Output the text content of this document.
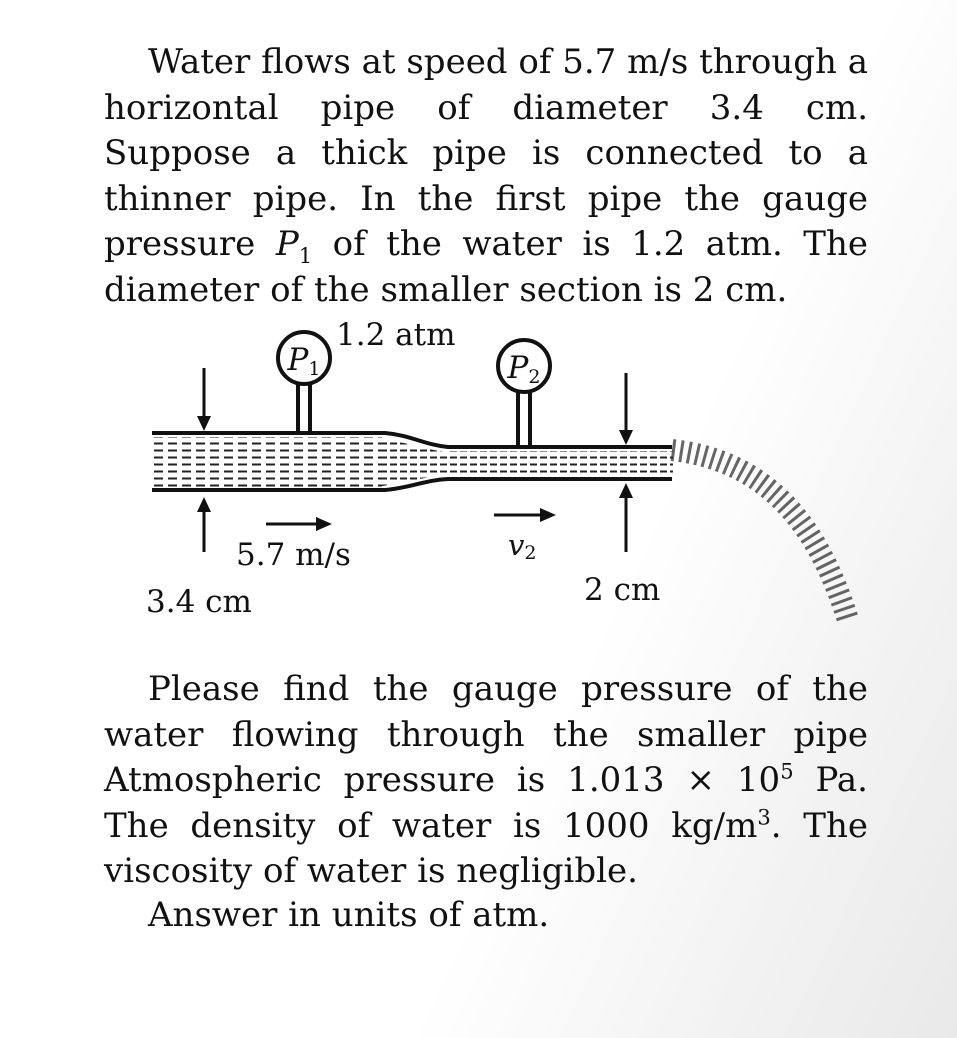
Water flows at speed of 5.7 m/s through a horizontal pipe of diameter 3.4 cm. Suppose a thick pipe is connected to a thinner pipe. In the first pipe the gauge pressure $P_1$ of the water is 1.2 atm. The diameter of the smaller section is 2 cm.

P1	P2
1.2 atm
5.7 m/s	v2
3.4 cm	2 cm

Please find the gauge pressure of the water flowing through the smaller pipe Atmospheric pressure is $1.013 \times 10^5$ Pa. The density of water is 1000 $kg/m^3$. The viscosity of water is negligible.

Answer in units of atm.
